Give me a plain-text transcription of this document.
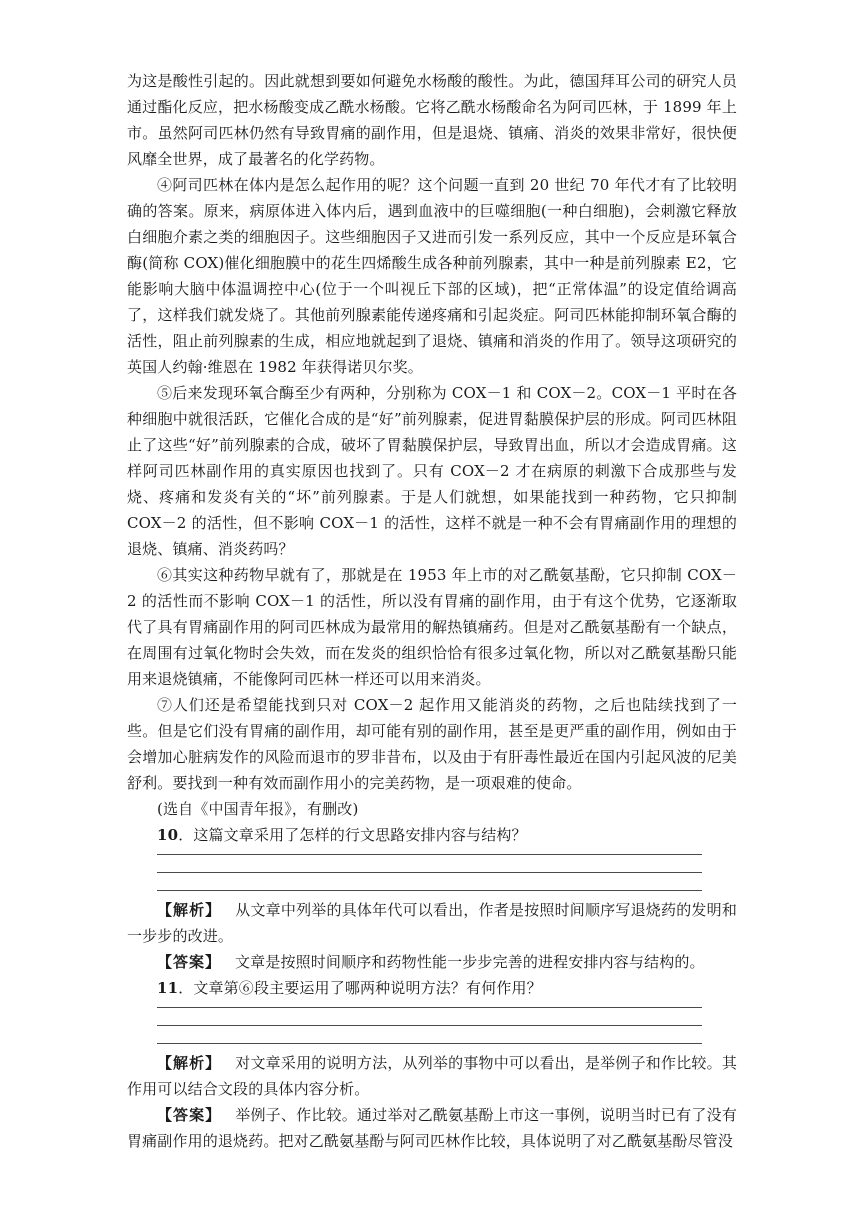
为这是酸性引起的。因此就想到要如何避免水杨酸的酸性。为此，德国拜耳公司的研究人员通过酯化反应，把水杨酸变成乙酰水杨酸。它将乙酰水杨酸命名为阿司匹林，于 1899 年上市。虽然阿司匹林仍然有导致胃痛的副作用，但是退烧、镇痛、消炎的效果非常好，很快便风靡全世界，成了最著名的化学药物。

④阿司匹林在体内是怎么起作用的呢？这个问题一直到 20 世纪 70 年代才有了比较明确的答案。原来，病原体进入体内后，遇到血液中的巨噬细胞(一种白细胞)，会刺激它释放白细胞介素之类的细胞因子。这些细胞因子又进而引发一系列反应，其中一个反应是环氧合酶(简称 COX)催化细胞膜中的花生四烯酸生成各种前列腺素，其中一种是前列腺素 E2，它能影响大脑中体温调控中心(位于一个叫视丘下部的区域)，把“正常体温”的设定值给调高了，这样我们就发烧了。其他前列腺素能传递疼痛和引起炎症。阿司匹林能抑制环氧合酶的活性，阻止前列腺素的生成，相应地就起到了退烧、镇痛和消炎的作用了。领导这项研究的英国人约翰·维恩在 1982 年获得诺贝尔奖。

⑤后来发现环氧合酶至少有两种，分别称为 COX－1 和 COX－2。COX－1 平时在各种细胞中就很活跃，它催化合成的是“好”前列腺素，促进胃黏膜保护层的形成。阿司匹林阻止了这些“好”前列腺素的合成，破坏了胃黏膜保护层，导致胃出血，所以才会造成胃痛。这样阿司匹林副作用的真实原因也找到了。只有 COX－2 才在病原的刺激下合成那些与发烧、疼痛和发炎有关的“坏”前列腺素。于是人们就想，如果能找到一种药物，它只抑制 COX－2 的活性，但不影响 COX－1 的活性，这样不就是一种不会有胃痛副作用的理想的退烧、镇痛、消炎药吗？

⑥其实这种药物早就有了，那就是在 1953 年上市的对乙酰氨基酚，它只抑制 COX－2 的活性而不影响 COX－1 的活性，所以没有胃痛的副作用，由于有这个优势，它逐渐取代了具有胃痛副作用的阿司匹林成为最常用的解热镇痛药。但是对乙酰氨基酚有一个缺点，在周围有过氧化物时会失效，而在发炎的组织恰恰有很多过氧化物，所以对乙酰氨基酚只能用来退烧镇痛，不能像阿司匹林一样还可以用来消炎。

⑦人们还是希望能找到只对 COX－2 起作用又能消炎的药物，之后也陆续找到了一些。但是它们没有胃痛的副作用，却可能有别的副作用，甚至是更严重的副作用，例如由于会增加心脏病发作的风险而退市的罗非昔布，以及由于有肝毒性最近在国内引起风波的尼美舒利。要找到一种有效而副作用小的完美药物，是一项艰难的使命。

(选自《中国青年报》，有删改)

10．这篇文章采用了怎样的行文思路安排内容与结构？

【解析】 从文章中列举的具体年代可以看出，作者是按照时间顺序写退烧药的发明和一步步的改进。

【答案】 文章是按照时间顺序和药物性能一步步完善的进程安排内容与结构的。

11．文章第⑥段主要运用了哪两种说明方法？有何作用？

【解析】 对文章采用的说明方法，从列举的事物中可以看出，是举例子和作比较。其作用可以结合文段的具体内容分析。

【答案】 举例子、作比较。通过举对乙酰氨基酚上市这一事例，说明当时已有了没有胃痛副作用的退烧药。把对乙酰氨基酚与阿司匹林作比较，具体说明了对乙酰氨基酚尽管没
